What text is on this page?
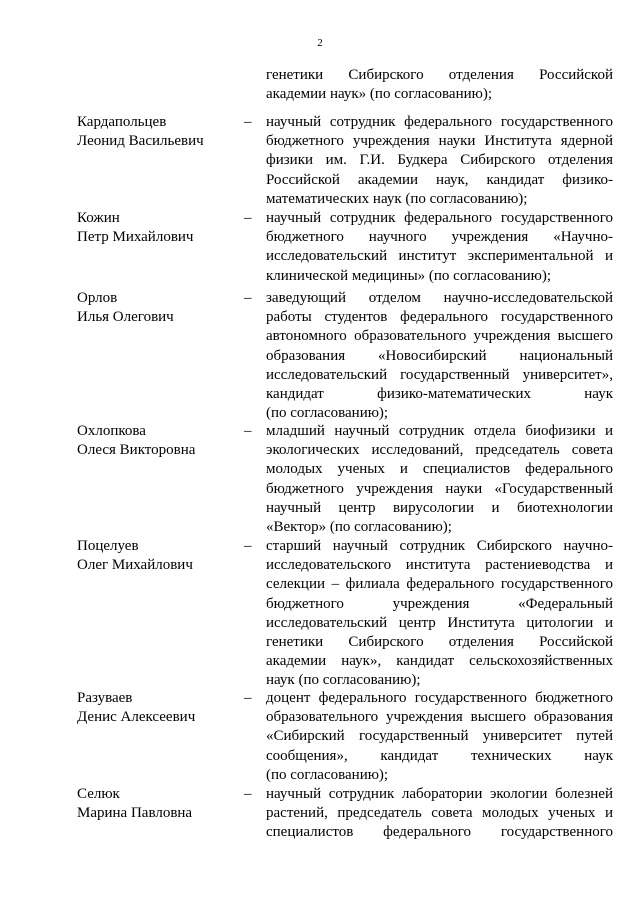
2
генетики Сибирского отделения Российской
академии наук» (по согласованию);
Кардапольцев
Леонид Васильевич
– научный сотрудник федерального государственного
бюджетного учреждения науки Института ядерной
физики им. Г.И. Будкера Сибирского отделения
Российской академии наук, кандидат физико-
математических наук (по согласованию);
Кожин
Петр Михайлович
– научный сотрудник федерального государственного
бюджетного научного учреждения «Научно-
исследовательский институт экспериментальной и
клинической медицины» (по согласованию);
Орлов
Илья Олегович
– заведующий отделом научно-исследовательской
работы студентов федерального государственного
автономного образовательного учреждения высшего
образования «Новосибирский национальный
исследовательский государственный университет»,
кандидат физико-математических наук
(по согласованию);
Охлопкова
Олеся Викторовна
– младший научный сотрудник отдела биофизики и
экологических исследований, председатель совета
молодых ученых и специалистов федерального
бюджетного учреждения науки «Государственный
научный центр вирусологии и биотехнологии
«Вектор» (по согласованию);
Поцелуев
Олег Михайлович
– старший научный сотрудник Сибирского научно-
исследовательского института растениеводства и
селекции – филиала федерального государственного
бюджетного учреждения «Федеральный
исследовательский центр Института цитологии и
генетики Сибирского отделения Российской
академии наук», кандидат сельскохозяйственных
наук (по согласованию);
Разуваев
Денис Алексеевич
– доцент федерального государственного бюджетного
образовательного учреждения высшего образования
«Сибирский государственный университет путей
сообщения», кандидат технических наук
(по согласованию);
Селюк
Марина Павловна
– научный сотрудник лаборатории экологии болезней
растений, председатель совета молодых ученых и
специалистов федерального государственного
